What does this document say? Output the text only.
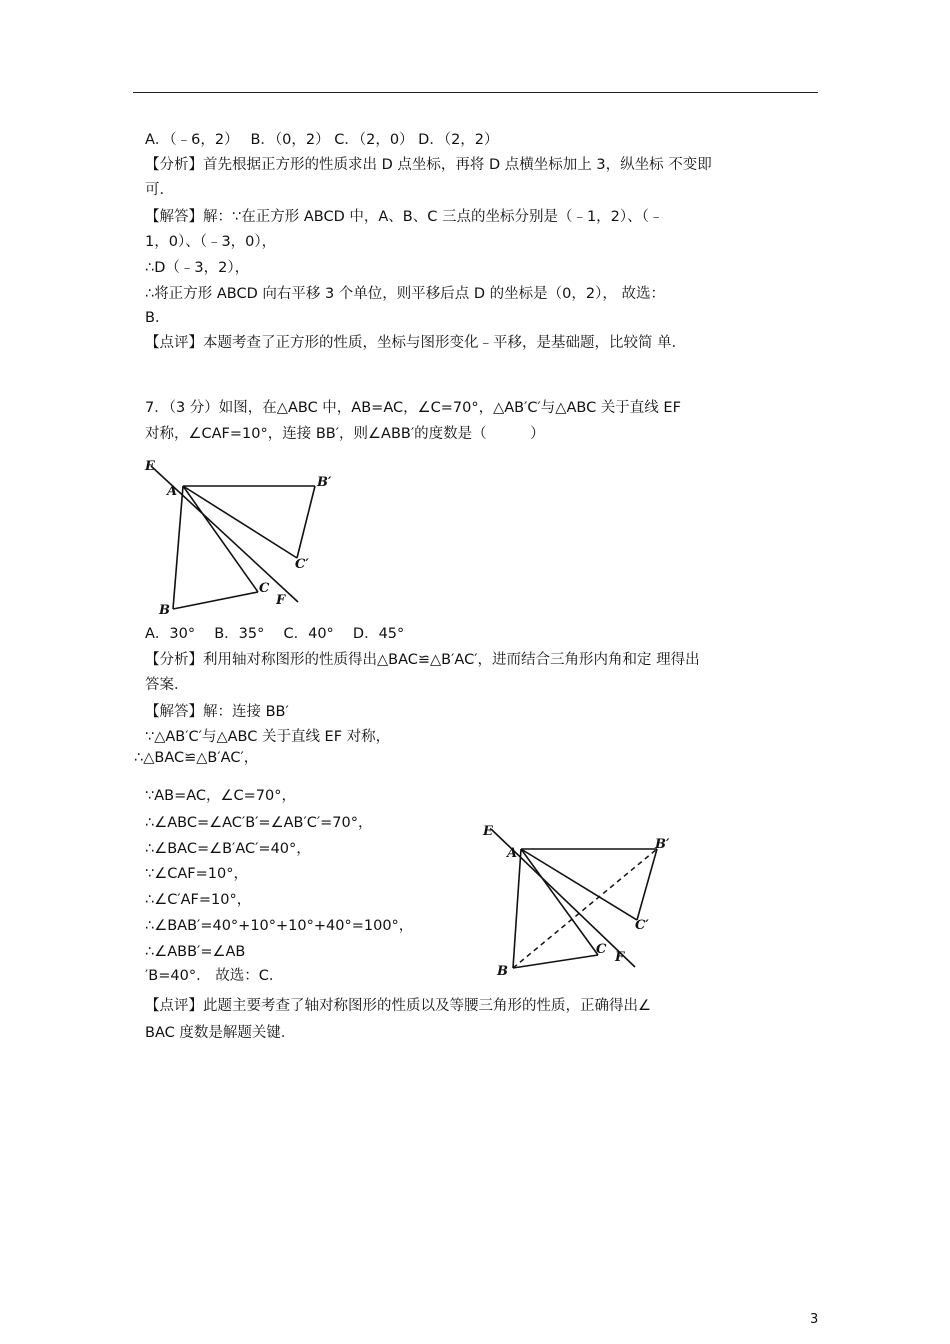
A．（﹣6，2）　 B．（0，2） C．（2，0） D．（2，2）
【分析】首先根据正方形的性质求出 D 点坐标，再将 D 点横坐标加上 3，纵坐标 不变即
可．
【解答】解：∵在正方形 ABCD 中，A、B、C 三点的坐标分别是（﹣1，2）、（﹣
1，0）、（﹣3，0），
∴D（﹣3，2），
∴将正方形 ABCD 向右平移 3 个单位，则平移后点 D 的坐标是（0，2）， 故选：
B．
【点评】本题考查了正方形的性质，坐标与图形变化﹣平移，是基础题，比较简 单．
7．（3 分）如图，在△ABC 中，AB=AC，∠C=70°，△AB′C′与△ABC 关于直线 EF
对称，∠CAF=10°，连接 BB′，则∠ABB′的度数是（　　　）
E
A
B′
C′
C
F
B
A．30°　 B．35°　 C．40°　 D．45°
【分析】利用轴对称图形的性质得出△BAC≌△B′AC′，进而结合三角形内角和定 理得出
答案．
【解答】解：连接 BB′
∵△AB′C′与△ABC 关于直线 EF 对称，
∴△BAC≌△B′AC′，
∵AB=AC，∠C=70°，
∴∠ABC=∠AC′B′=∠AB′C′=70°，
∴∠BAC=∠B′AC′=40°，
∵∠CAF=10°，
∴∠C′AF=10°，
∴∠BAB′=40°+10°+10°+40°=100°，
∴∠ABB′=∠AB
′B=40°． 故选：C．
E
A
B′
C′
C
F
B
【点评】此题主要考查了轴对称图形的性质以及等腰三角形的性质，正确得出∠
BAC 度数是解题关键．
3
